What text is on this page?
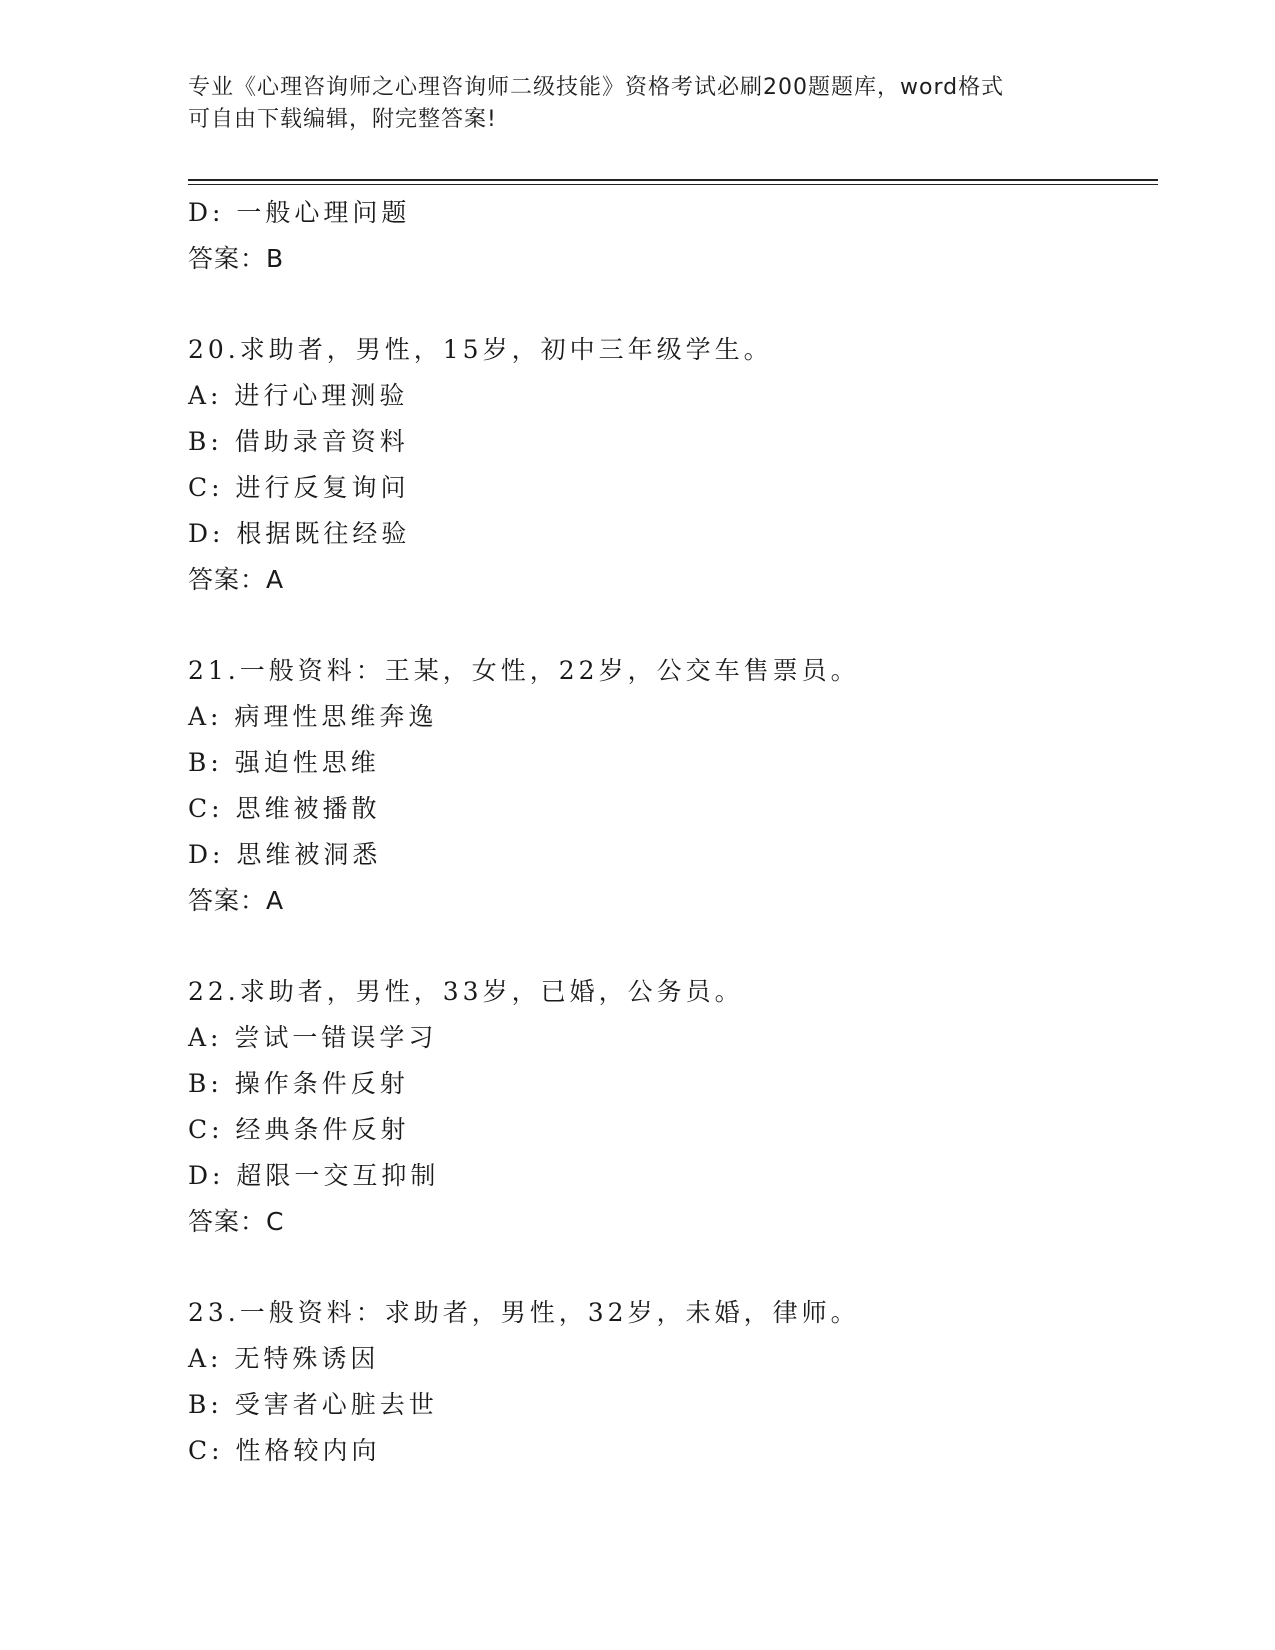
专业《心理咨询师之心理咨询师二级技能》资格考试必刷200题题库，word格式
可自由下载编辑，附完整答案!
D: 一般心理问题
答案：B
20.求助者，男性，15岁，初中三年级学生。
A: 进行心理测验
B: 借助录音资料
C: 进行反复询问
D: 根据既往经验
答案：A
21.一般资料：王某，女性，22岁，公交车售票员。
A: 病理性思维奔逸
B: 强迫性思维
C: 思维被播散
D: 思维被洞悉
答案：A
22.求助者，男性，33岁，已婚，公务员。
A: 尝试一错误学习
B: 操作条件反射
C: 经典条件反射
D: 超限一交互抑制
答案：C
23.一般资料：求助者，男性，32岁，未婚，律师。
A: 无特殊诱因
B: 受害者心脏去世
C: 性格较内向
